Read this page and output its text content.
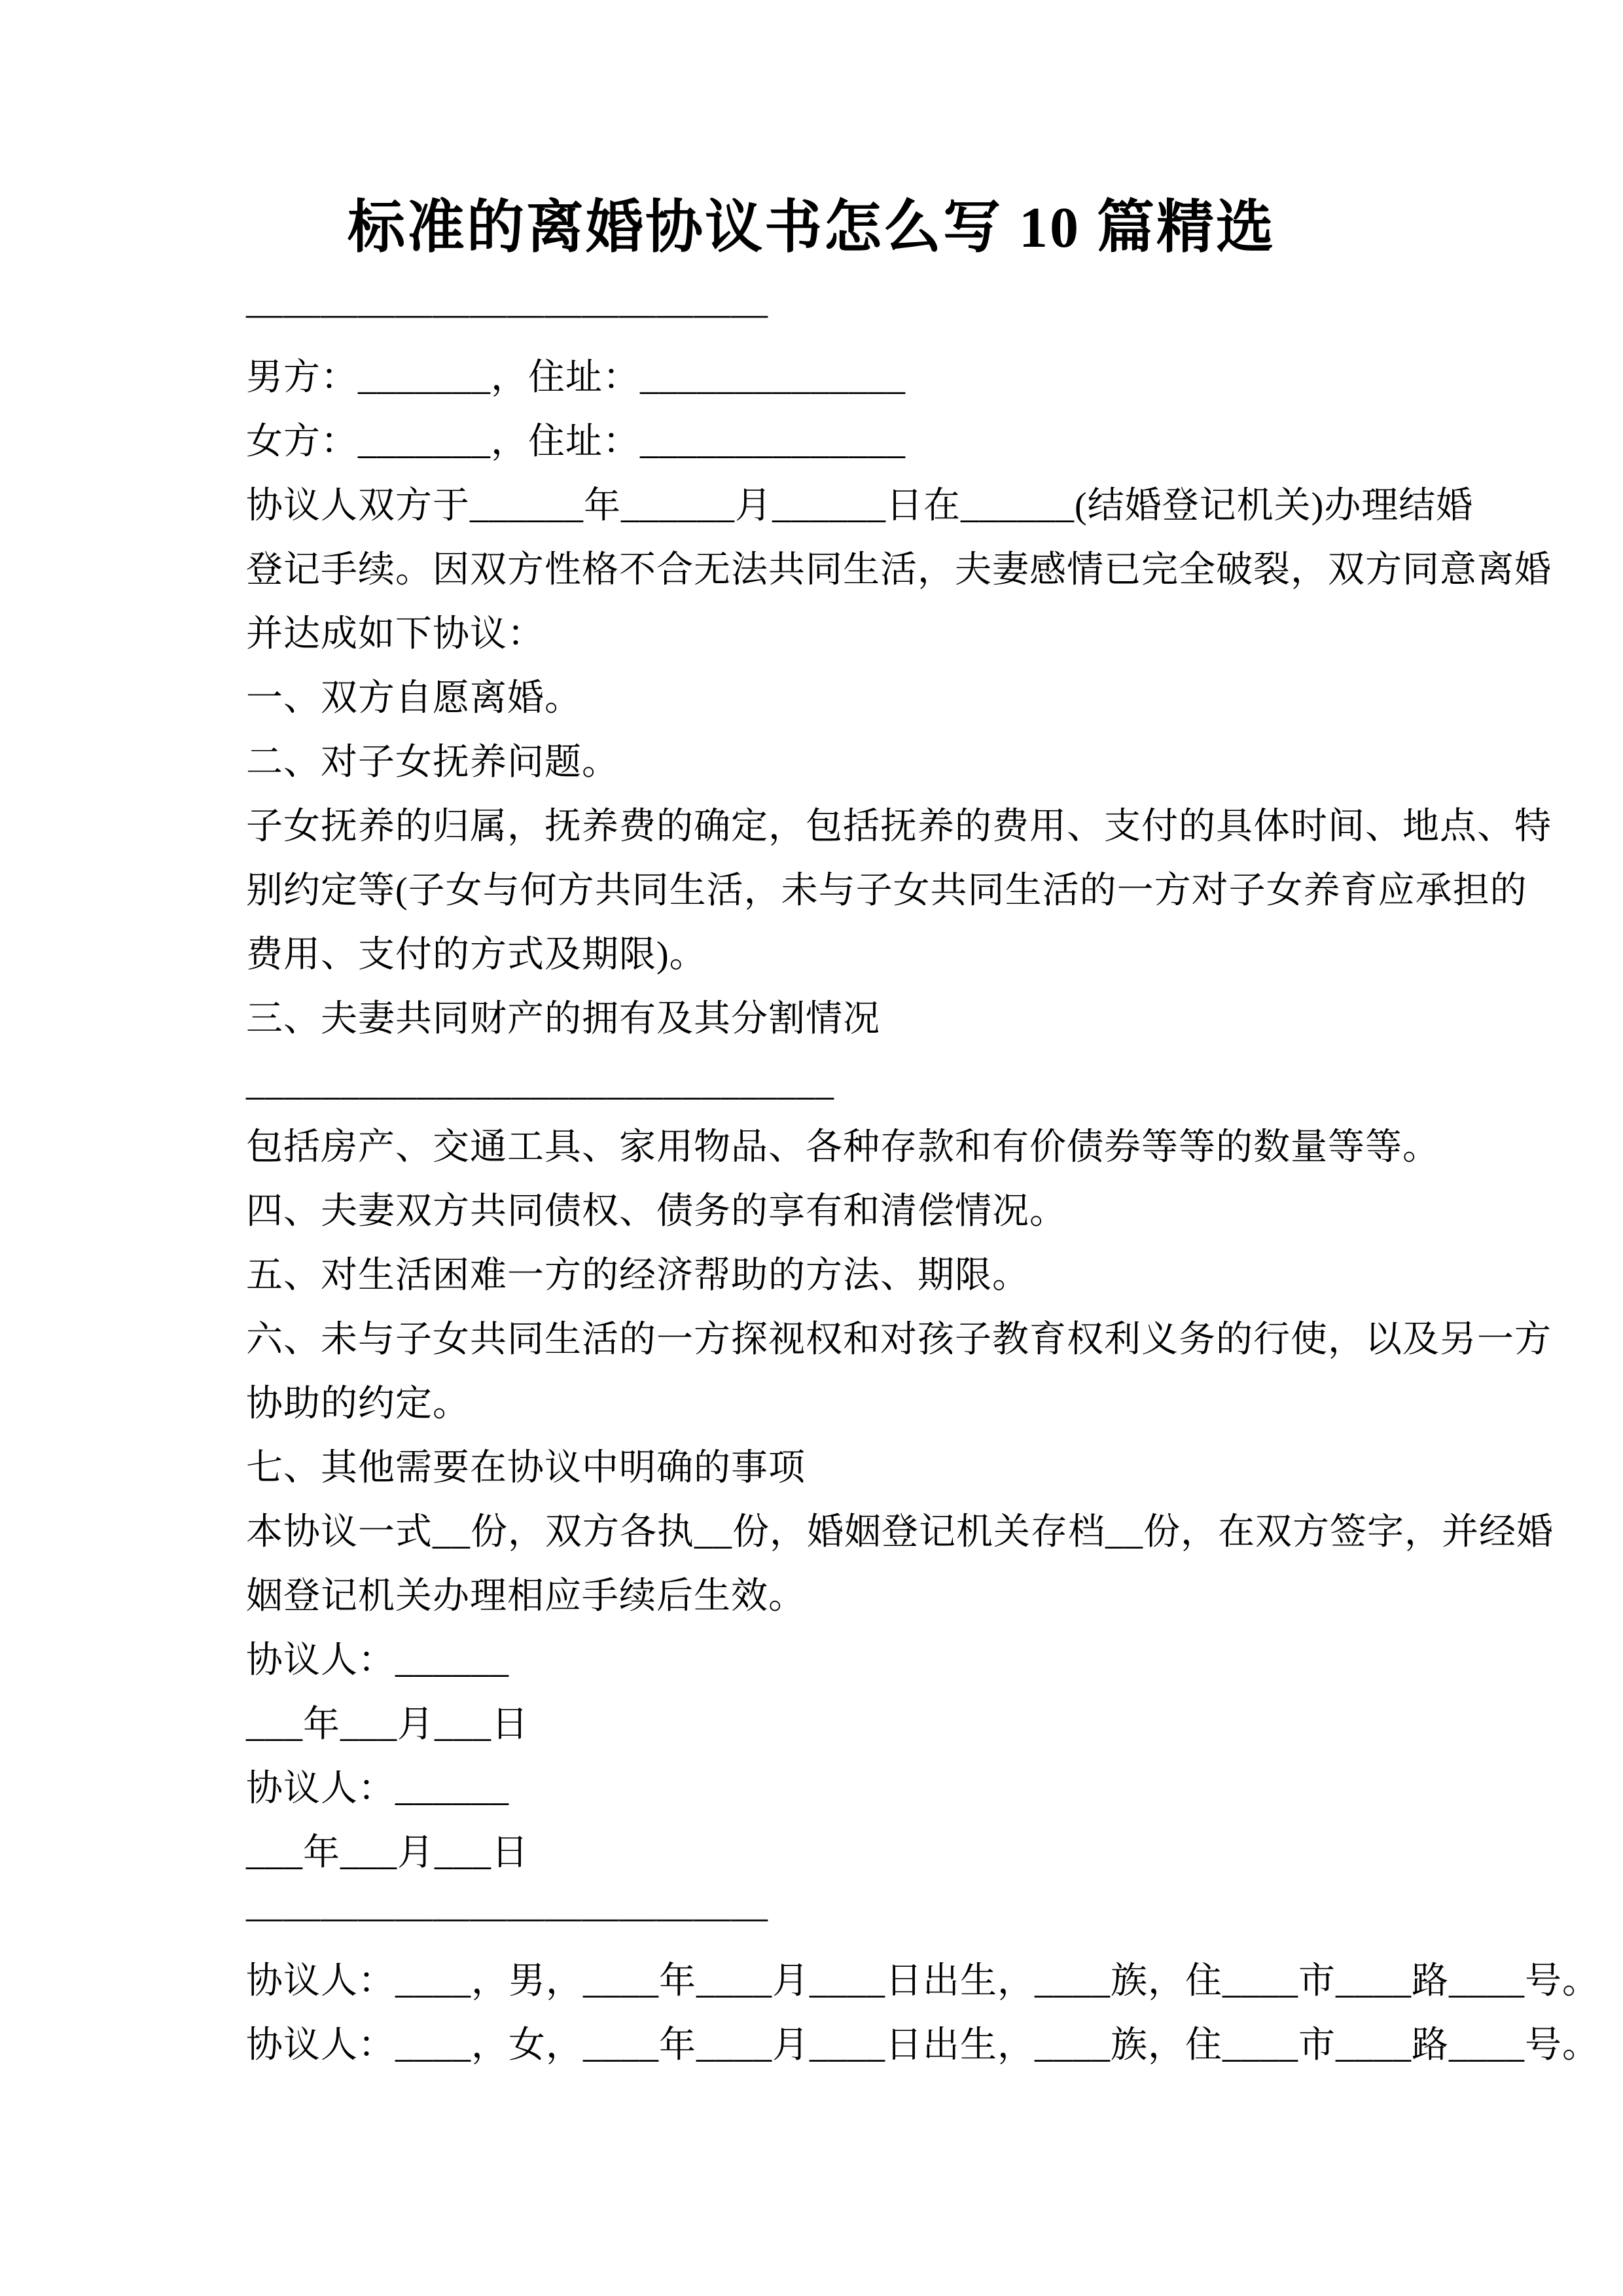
标准的离婚协议书怎么写 10 篇精选
——————————————
男方：_______，住址：______________
女方：_______，住址：______________
协议人双方于______年______月______日在______(结婚登记机关)办理结婚
登记手续。因双方性格不合无法共同生活，夫妻感情已完全破裂，双方同意离婚
并达成如下协议：
一、双方自愿离婚。
二、对子女抚养问题。
子女抚养的归属，抚养费的确定，包括抚养的费用、支付的具体时间、地点、特
别约定等(子女与何方共同生活，未与子女共同生活的一方对子女养育应承担的
费用、支付的方式及期限)。
三、夫妻共同财产的拥有及其分割情况
_______________________________
包括房产、交通工具、家用物品、各种存款和有价债券等等的数量等等。
四、夫妻双方共同债权、债务的享有和清偿情况。
五、对生活困难一方的经济帮助的方法、期限。
六、未与子女共同生活的一方探视权和对孩子教育权利义务的行使，以及另一方
协助的约定。
七、其他需要在协议中明确的事项
本协议一式__份，双方各执__份，婚姻登记机关存档__份，在双方签字，并经婚
姻登记机关办理相应手续后生效。
协议人：______
___年___月___日
协议人：______
___年___月___日
——————————————
协议人：____，男，____年____月____日出生，____族，住____市____路____号。
协议人：____，女，____年____月____日出生，____族，住____市____路____号。
